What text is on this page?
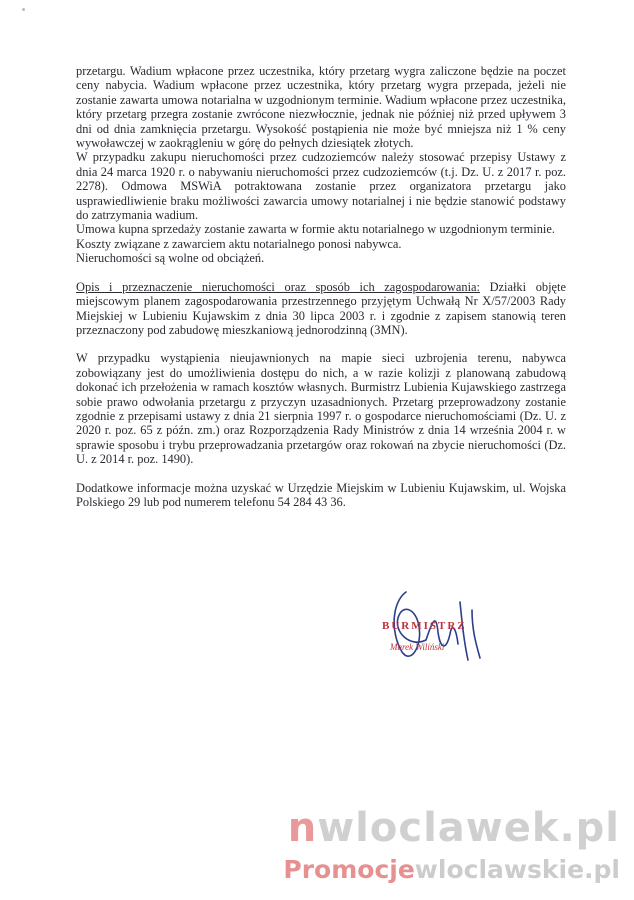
przetargu. Wadium wpłacone przez uczestnika, który przetarg wygra zaliczone będzie na poczet ceny nabycia. Wadium wpłacone przez uczestnika, który przetarg wygra przepada, jeżeli nie zostanie zawarta umowa notarialna w uzgodnionym terminie. Wadium wpłacone przez uczestnika, który przetarg przegra zostanie zwrócone niezwłocznie, jednak nie później niż przed upływem 3 dni od dnia zamknięcia przetargu. Wysokość postąpienia nie może być mniejsza niż 1 % ceny wywoławczej w zaokrągleniu w górę do pełnych dziesiątek złotych.

W przypadku zakupu nieruchomości przez cudzoziemców należy stosować przepisy Ustawy z dnia 24 marca 1920 r. o nabywaniu nieruchomości przez cudzoziemców (t.j. Dz. U. z 2017 r. poz. 2278). Odmowa MSWiA potraktowana zostanie przez organizatora przetargu jako usprawiedliwienie braku możliwości zawarcia umowy notarialnej i nie będzie stanowić podstawy do zatrzymania wadium.

Umowa kupna sprzedaży zostanie zawarta w formie aktu notarialnego w uzgodnionym terminie.

Koszty związane z zawarciem aktu notarialnego ponosi nabywca.

Nieruchomości są wolne od obciążeń.

Opis i przeznaczenie nieruchomości oraz sposób ich zagospodarowania: Działki objęte miejscowym planem zagospodarowania przestrzennego przyjętym Uchwałą Nr X/57/2003 Rady Miejskiej w Lubieniu Kujawskim z dnia 30 lipca 2003 r. i zgodnie z zapisem stanowią teren przeznaczony pod zabudowę mieszkaniową jednorodzinną (3MN).

W przypadku wystąpienia nieujawnionych na mapie sieci uzbrojenia terenu, nabywca zobowiązany jest do umożliwienia dostępu do nich, a w razie kolizji z planowaną zabudową dokonać ich przełożenia w ramach kosztów własnych. Burmistrz Lubienia Kujawskiego zastrzega sobie prawo odwołania przetargu z przyczyn uzasadnionych. Przetarg przeprowadzony zostanie zgodnie z przepisami ustawy z dnia 21 sierpnia 1997 r. o gospodarce nieruchomościami (Dz. U. z 2020 r. poz. 65 z późn. zm.) oraz Rozporządzenia Rady Ministrów z dnia 14 września 2004 r. w sprawie sposobu i trybu przeprowadzania przetargów oraz rokowań na zbycie nieruchomości (Dz. U. z 2014 r. poz. 1490).

Dodatkowe informacje można uzyskać w Urzędzie Miejskim w Lubieniu Kujawskim, ul. Wojska Polskiego 29 lub pod numerem telefonu 54 284 43 36.

BURMISTRZ
Marek Wiliński
nwloclawek.pl
Promocjewloclawskie.pl
